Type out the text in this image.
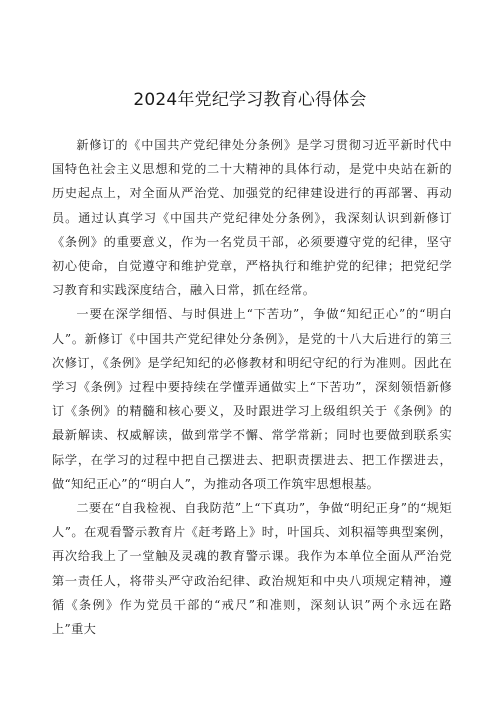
2024年党纪学习教育心得体会

新修订的《中国共产党纪律处分条例》是学习贯彻习近平新时代中国特色社会主义思想和党的二十大精神的具体行动，是党中央站在新的历史起点上，对全面从严治党、加强党的纪律建设进行的再部署、再动员。通过认真学习《中国共产党纪律处分条例》，我深刻认识到新修订《条例》的重要意义，作为一名党员干部，必须要遵守党的纪律，坚守初心使命，自觉遵守和维护党章，严格执行和维护党的纪律；把党纪学习教育和实践深度结合，融入日常，抓在经常。

一要在深学细悟、与时俱进上“下苦功”，争做“知纪正心”的“明白人”。新修订《中国共产党纪律处分条例》，是党的十八大后进行的第三次修订，《条例》是学纪知纪的必修教材和明纪守纪的行为准则。因此在学习《条例》过程中要持续在学懂弄通做实上“下苦功”，深刻领悟新修订《条例》的精髓和核心要义，及时跟进学习上级组织关于《条例》的最新解读、权威解读，做到常学不懈、常学常新；同时也要做到联系实际学，在学习的过程中把自己摆进去、把职责摆进去、把工作摆进去，做“知纪正心”的“明白人”，为推动各项工作筑牢思想根基。

二要在“自我检视、自我防范”上“下真功”，争做“明纪正身”的“规矩人”。在观看警示教育片《赶考路上》时，叶国兵、刘积福等典型案例，再次给我上了一堂触及灵魂的教育警示课。我作为本单位全面从严治党第一责任人，将带头严守政治纪律、政治规矩和中央八项规定精神，遵循《条例》作为党员干部的“戒尺”和准则，深刻认识”两个永远在路上”重大
